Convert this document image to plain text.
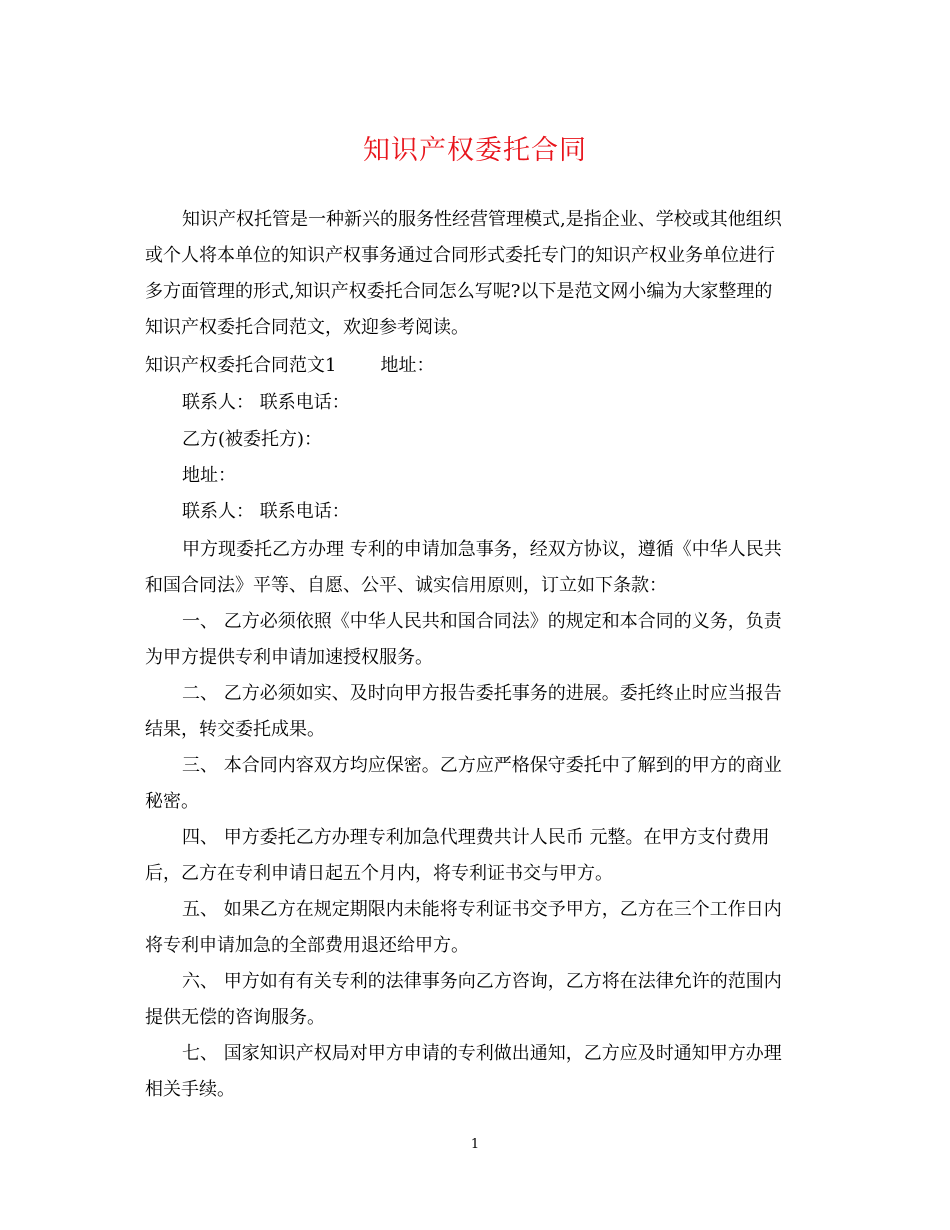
知识产权委托合同
知识产权托管是一种新兴的服务性经营管理模式,是指企业、学校或其他组织
或个人将本单位的知识产权事务通过合同形式委托专门的知识产权业务单位进行
多方面管理的形式,知识产权委托合同怎么写呢?以下是范文网小编为大家整理的
知识产权委托合同范文，欢迎参考阅读。
知识产权委托合同范文1 地址：
联系人： 联系电话：
乙方(被委托方)：
地址：
联系人： 联系电话：
甲方现委托乙方办理 专利的申请加急事务，经双方协议，遵循《中华人民共
和国合同法》平等、自愿、公平、诚实信用原则，订立如下条款：
一、 乙方必须依照《中华人民共和国合同法》的规定和本合同的义务，负责
为甲方提供专利申请加速授权服务。
二、 乙方必须如实、及时向甲方报告委托事务的进展。委托终止时应当报告
结果，转交委托成果。
三、 本合同内容双方均应保密。乙方应严格保守委托中了解到的甲方的商业
秘密。
四、 甲方委托乙方办理专利加急代理费共计人民币 元整。在甲方支付费用
后，乙方在专利申请日起五个月内，将专利证书交与甲方。
五、 如果乙方在规定期限内未能将专利证书交予甲方，乙方在三个工作日内
将专利申请加急的全部费用退还给甲方。
六、 甲方如有有关专利的法律事务向乙方咨询，乙方将在法律允许的范围内
提供无偿的咨询服务。
七、 国家知识产权局对甲方申请的专利做出通知，乙方应及时通知甲方办理
相关手续。
1
